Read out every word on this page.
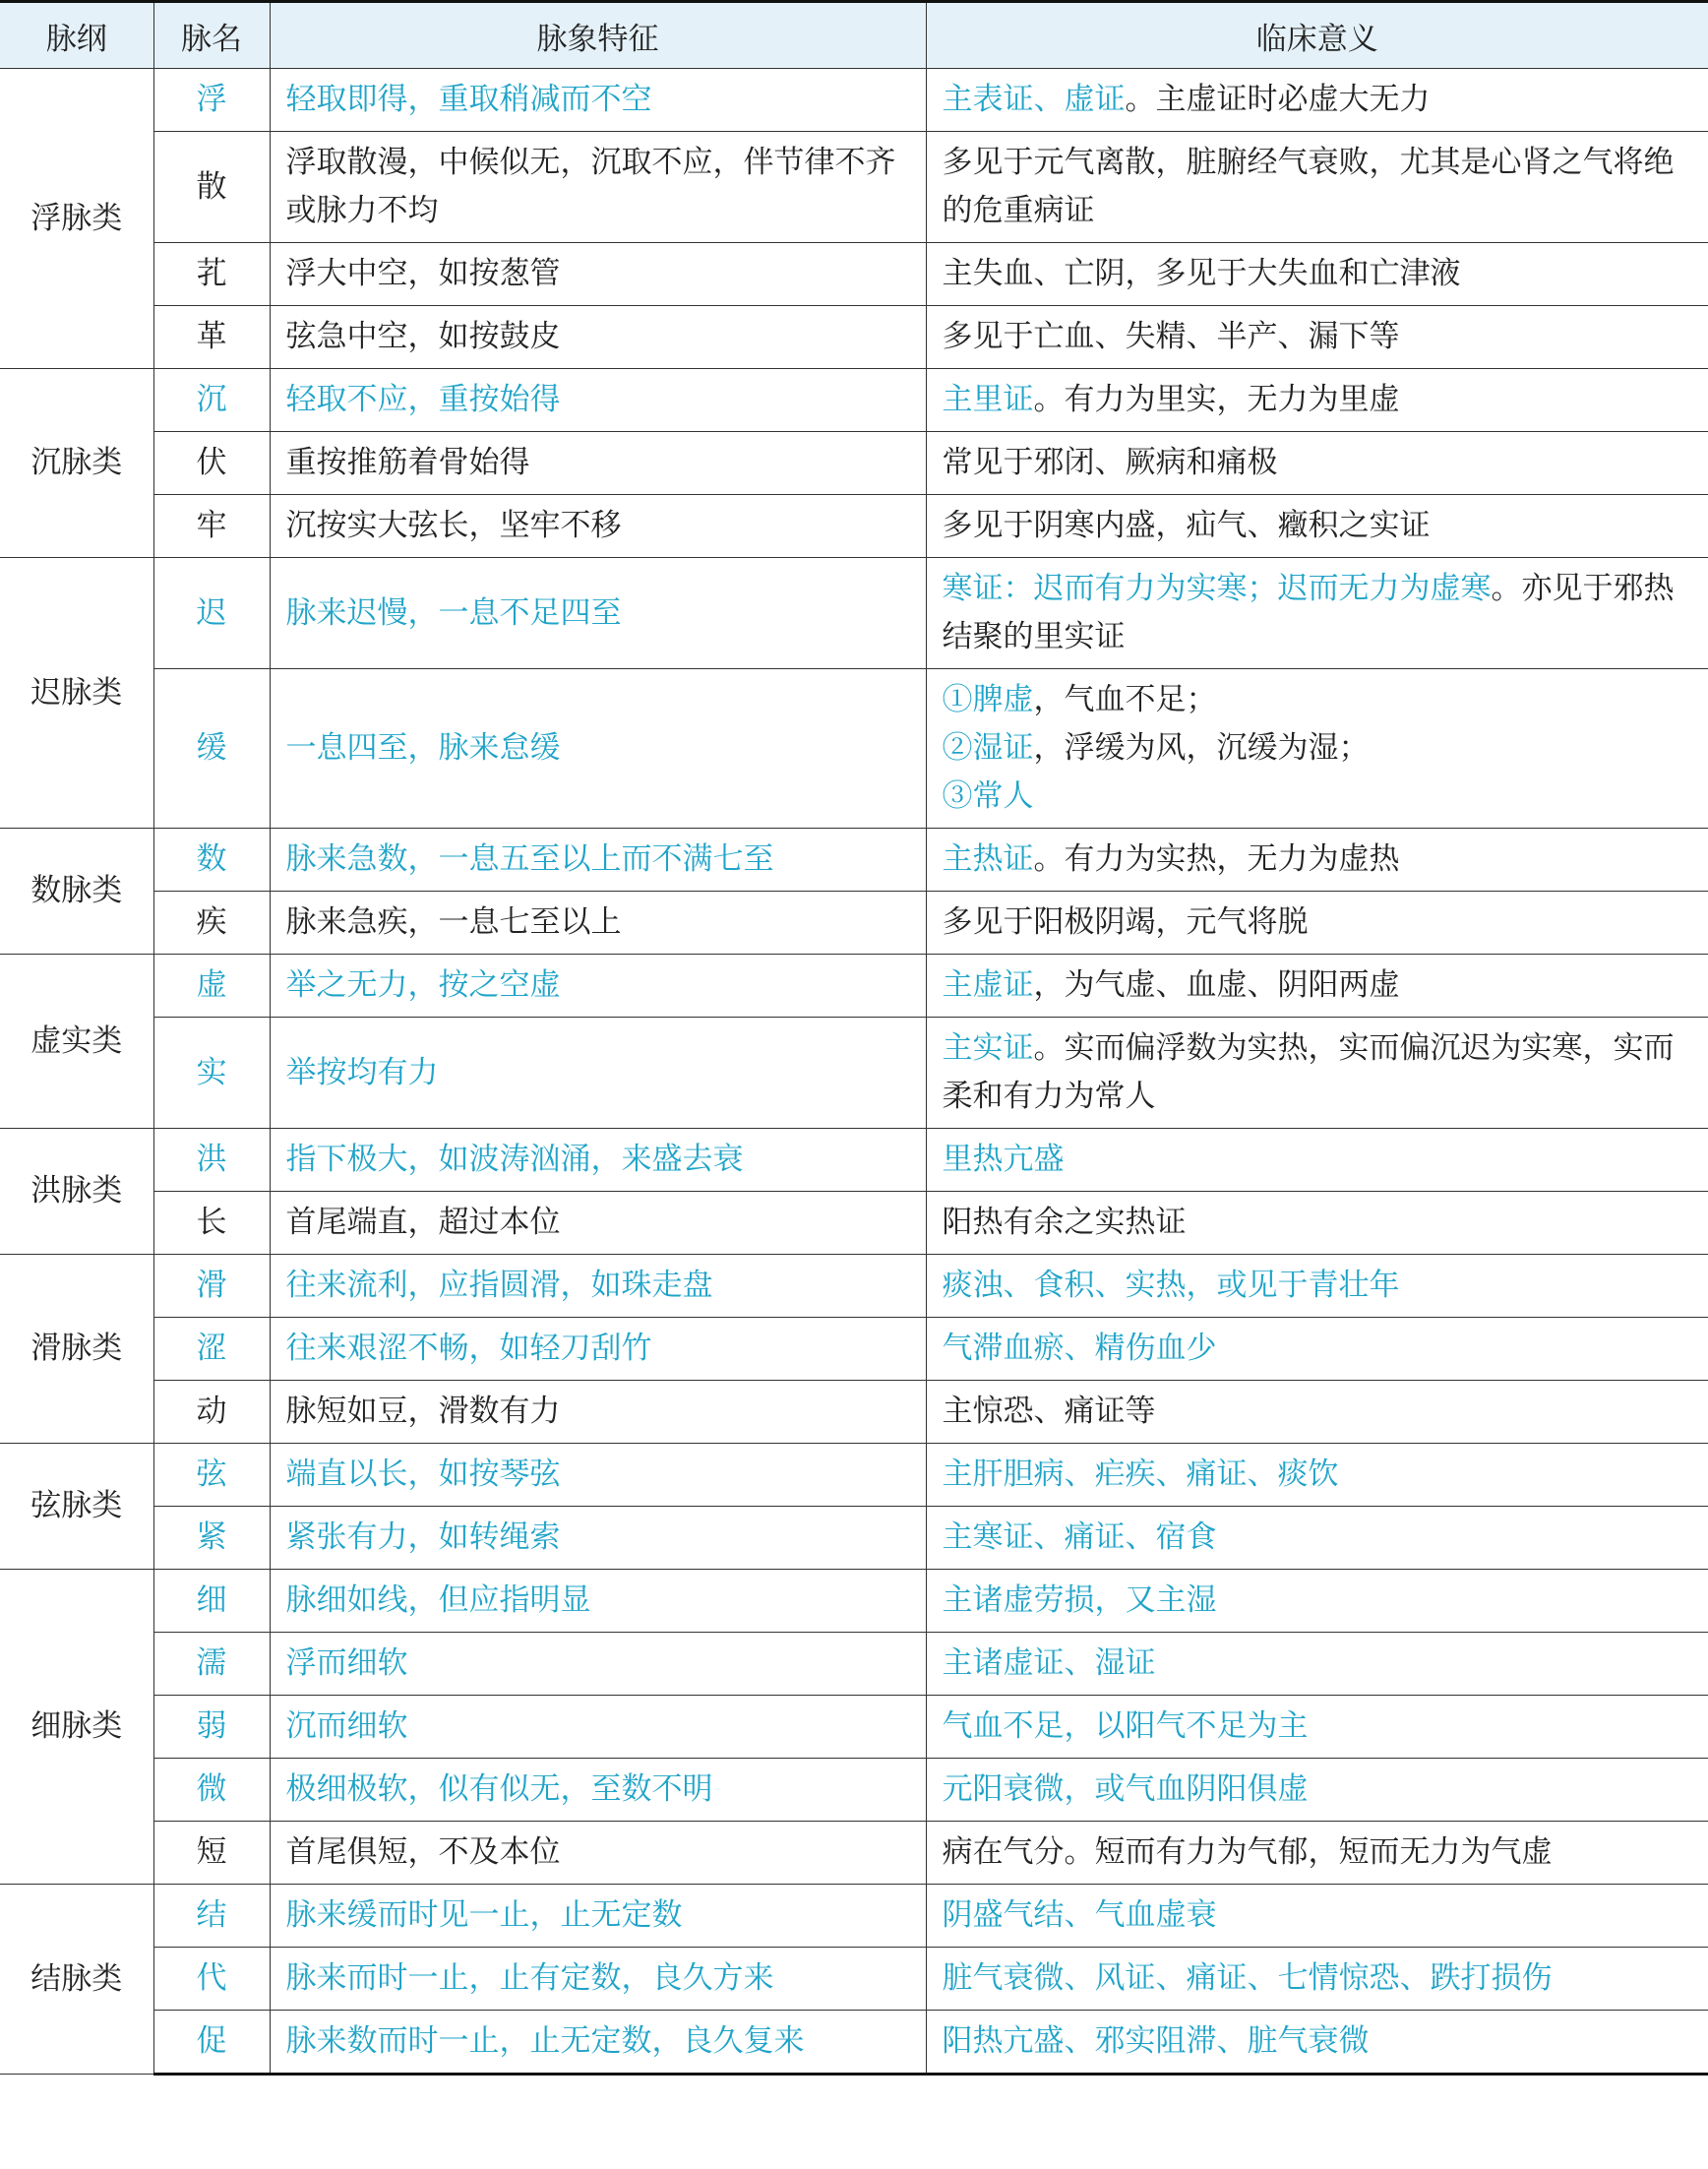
脉纲	脉名	脉象特征	临床意义
浮脉类	浮	轻取即得，重取稍减而不空	主表证、虚证。主虚证时必虚大无力
	散	浮取散漫，中候似无，沉取不应，伴节律不齐或脉力不均	多见于元气离散，脏腑经气衰败，尤其是心肾之气将绝的危重病证
	芤	浮大中空，如按葱管	主失血、亡阴，多见于大失血和亡津液
	革	弦急中空，如按鼓皮	多见于亡血、失精、半产、漏下等
沉脉类	沉	轻取不应，重按始得	主里证。有力为里实，无力为里虚
	伏	重按推筋着骨始得	常见于邪闭、厥病和痛极
	牢	沉按实大弦长，坚牢不移	多见于阴寒内盛，疝气、癥积之实证
迟脉类	迟	脉来迟慢，一息不足四至	寒证：迟而有力为实寒；迟而无力为虚寒。亦见于邪热结聚的里实证
	缓	一息四至，脉来怠缓	①脾虚，气血不足；
②湿证，浮缓为风，沉缓为湿；
③常人

数脉类	数	脉来急数，一息五至以上而不满七至	主热证。有力为实热，无力为虚热
	疾	脉来急疾，一息七至以上	多见于阳极阴竭，元气将脱
虚实类	虚	举之无力，按之空虚	主虚证，为气虚、血虚、阴阳两虚
	实	举按均有力	主实证。实而偏浮数为实热，实而偏沉迟为实寒，实而柔和有力为常人
洪脉类	洪	指下极大，如波涛汹涌，来盛去衰	里热亢盛
	长	首尾端直，超过本位	阳热有余之实热证
滑脉类	滑	往来流利，应指圆滑，如珠走盘	痰浊、食积、实热，或见于青壮年
	涩	往来艰涩不畅，如轻刀刮竹	气滞血瘀、精伤血少
	动	脉短如豆，滑数有力	主惊恐、痛证等
弦脉类	弦	端直以长，如按琴弦	主肝胆病、疟疾、痛证、痰饮
	紧	紧张有力，如转绳索	主寒证、痛证、宿食
细脉类	细	脉细如线，但应指明显	主诸虚劳损，又主湿
	濡	浮而细软	主诸虚证、湿证
	弱	沉而细软	气血不足，以阳气不足为主
	微	极细极软，似有似无，至数不明	元阳衰微，或气血阴阳俱虚
	短	首尾俱短，不及本位	病在气分。短而有力为气郁，短而无力为气虚
结脉类	结	脉来缓而时见一止，止无定数	阴盛气结、气血虚衰
	代	脉来而时一止，止有定数，良久方来	脏气衰微、风证、痛证、七情惊恐、跌打损伤
	促	脉来数而时一止，止无定数，良久复来	阳热亢盛、邪实阻滞、脏气衰微
